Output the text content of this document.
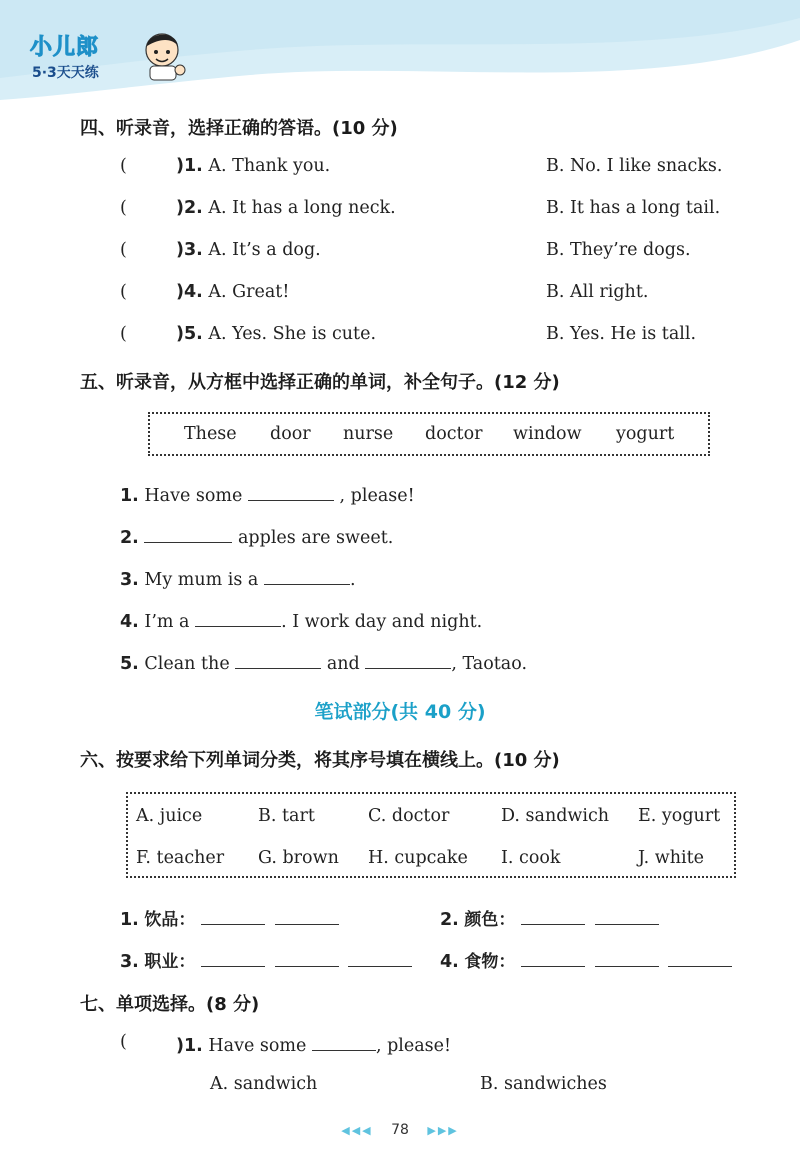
小儿郎
5·3天天练
四、听录音，选择正确的答语。(10 分)
(	)1. A. Thank you.	B. No. I like snacks.
(	)2. A. It has a long neck.	B. It has a long tail.
(	)3. A. It’s a dog.	B. They’re dogs.
(	)4. A. Great!	B. All right.
(	)5. A. Yes. She is cute.	B. Yes. He is tall.
五、听录音，从方框中选择正确的单词，补全句子。(12 分)
These door nurse doctor window yogurt
1. Have some	, please!
2.	apples are sweet.
3. My mum is a	.
4. I’m a	. I work day and night.
5. Clean the	and	, Taotao.
笔试部分(共 40 分)
六、按要求给下列单词分类，将其序号填在横线上。(10 分)
A. juice	B. tart	C. doctor	D. sandwich E. yogurt
F. teacher G. brown H. cupcake I. cook	J. white
1. 饮品：	2. 颜色：
3. 职业：	4. 食物：
七、单项选择。(8 分)
(	)1. Have some	, please!
A. sandwich	B. sandwiches
◀◀◀ 78 ▶▶▶
